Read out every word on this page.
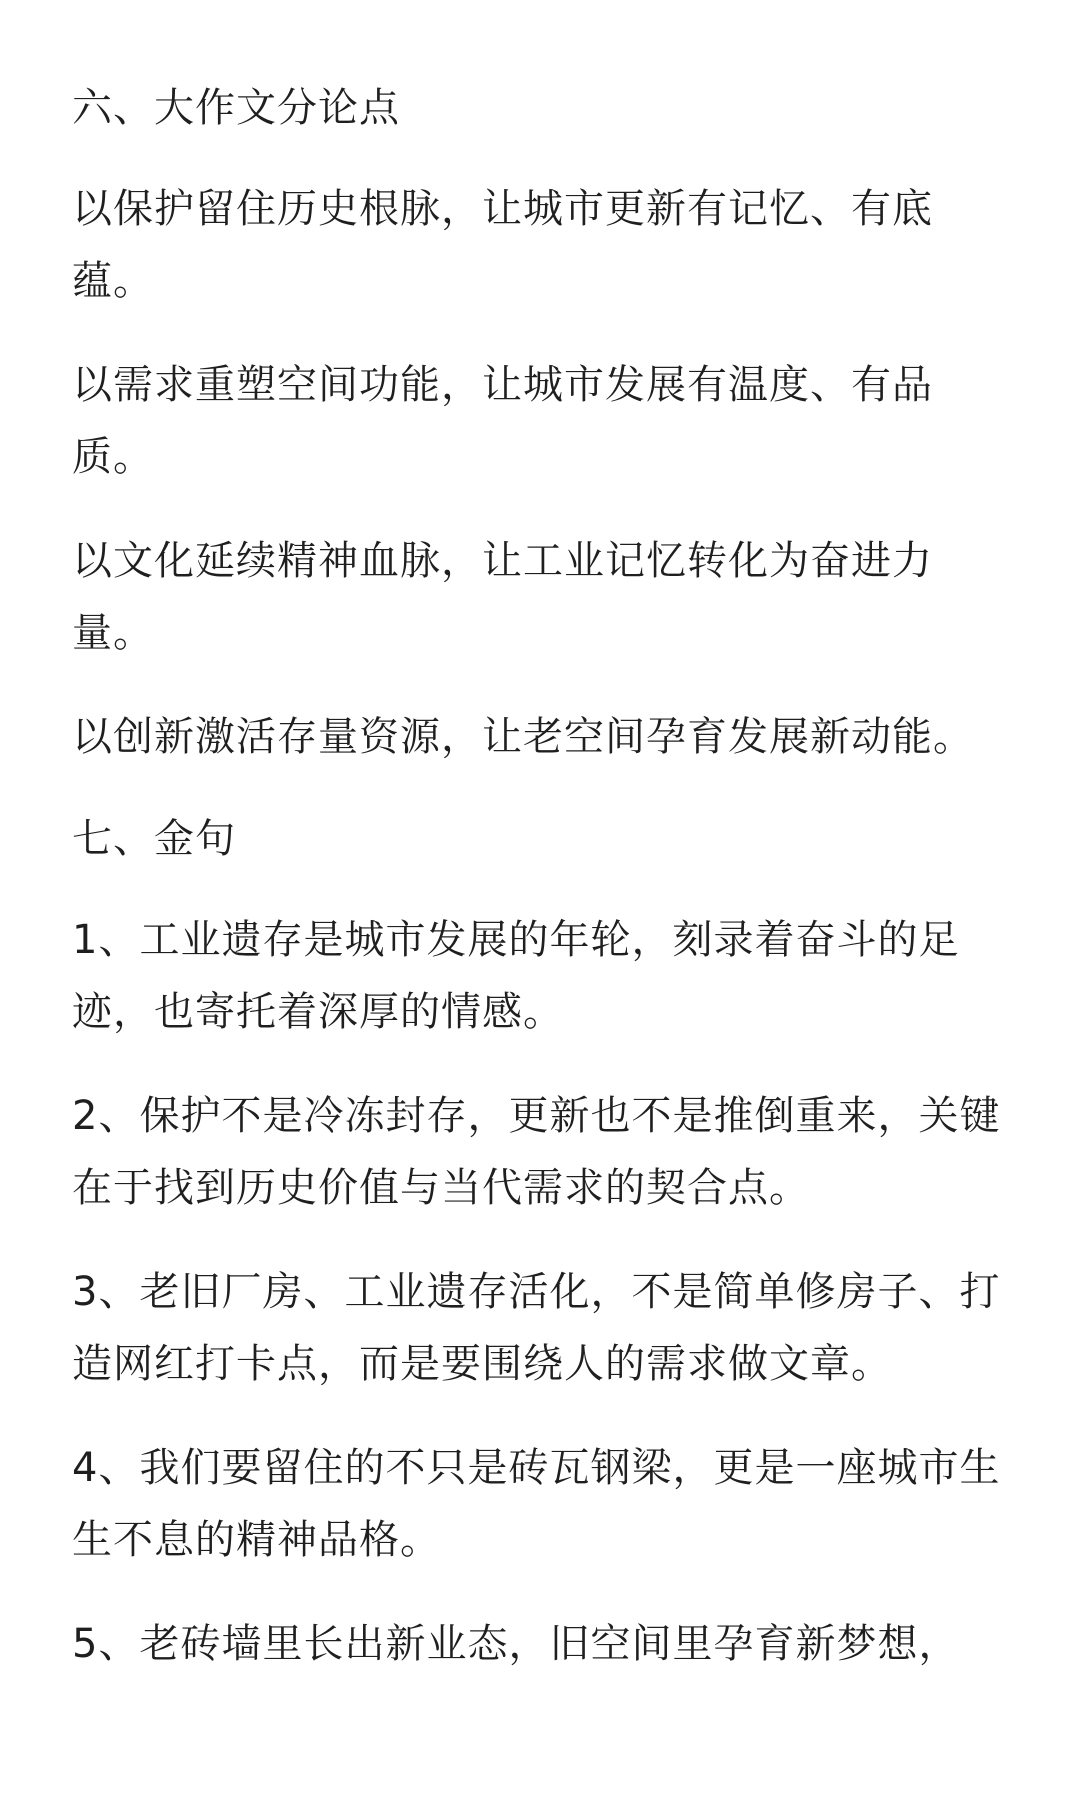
六、大作文分论点

以保护留住历史根脉，让城市更新有记忆、有底蕴。

以需求重塑空间功能，让城市发展有温度、有品质。

以文化延续精神血脉，让工业记忆转化为奋进力量。

以创新激活存量资源，让老空间孕育发展新动能。

七、金句

1、工业遗存是城市发展的年轮，刻录着奋斗的足迹，也寄托着深厚的情感。

2、保护不是冷冻封存，更新也不是推倒重来，关键在于找到历史价值与当代需求的契合点。

3、老旧厂房、工业遗存活化，不是简单修房子、打造网红打卡点，而是要围绕人的需求做文章。

4、我们要留住的不只是砖瓦钢梁，更是一座城市生生不息的精神品格。

5、老砖墙里长出新业态，旧空间里孕育新梦想，
